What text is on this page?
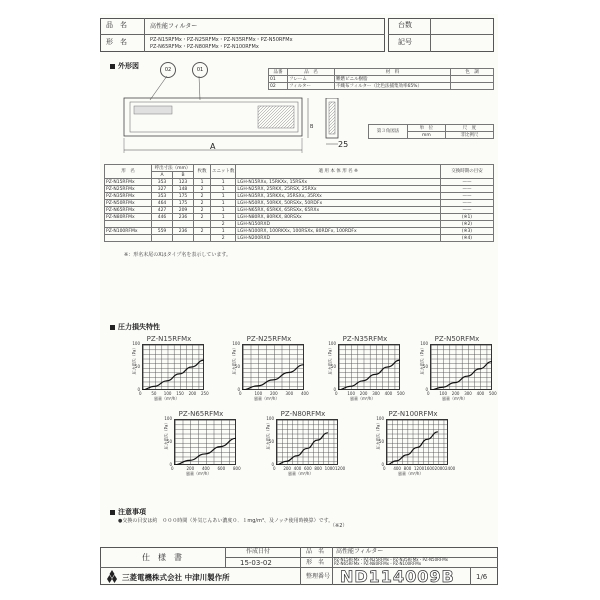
品　名	高性能フィルター
形　名	PZ-N15RFMx・PZ-N25RFMx・PZ-N35RFMx・PZ-N50RFMx
PZ-N65RFMx・PZ-N80RFMx・PZ-N100RFMx
台数
記号
外形図	02	01
A
B
25
品番	品　名	材　料	色　調
01	フレーム	難燃ピニル樹脂	
02	フィルター	不織布フィルター（比色法捕集効率65%）	
第３角図法	単　位	尺　度
	mm	非比例尺
形　名	呼出寸法（mm）		枚数	ユニット数	適 用 本 体 形 名 ※	交換時期の目安
	A	B				
PZ-N15RFMx	353	123	1	1	LGH-N15RXx, 15RKXx, 15RSXx	——
PZ-N25RFMx	327	148	2	1	LGH-N25RX, 25RKX, 25RSX, 25RXx	——
PZ-N35RFMx	353	175	2	1	LGH-N35RX, 35RKXx, 35RSXx, 35RXx	——
PZ-N50RFMx	464	175	2	1	LGH-N50RX, 50RKX, 50RSXx, 50RDFx	——
PZ-N65RFMx	427	209	2	1	LGH-N65RX, 65RKX, 65RSXx, 65RXx	——
PZ-N80RFMx	446	236	2	1	LGH-N80RX, 80RKX, 80RSXx	(※1)
				2	LGH-N150RXD	(※2)
PZ-N100RFMx	559	236	2	1	LGH-N100RX, 100RKXx, 100RSXx, 80RDFx, 100RDFx	(※3)
				2	LGH-N200RXD	(※4)
※：形名末尾のXはタイプ名を表示しています。
圧力損失特性
PZ-N15RFMx
0 50 100 150 200 250
0
50
100
風量（m³/h）
圧力損失（Pa）
PZ-N25RFMx
0	100 200 300 400
0
50
100
風量（m³/h）
圧力損失（Pa）
PZ-N35RFMx
0 100 200 300 400 500
0
50
100
風量（m³/h）
圧力損失（Pa）
PZ-N50RFMx
0 100 200 300 400 500
0
50
100
風量（m³/h）
圧力損失（Pa）
PZ-N65RFMx
0	200 400 600 800
0
50
100
風量（m³/h）
圧力損失（Pa）
PZ-N80RFMx
0 200 400 600 800 1000 1200
0
50
100
風量（m³/h）
圧力損失（Pa）
PZ-N100RFMx
0 400 800 1200 1600 2000 2400
0
50
100
風量（m³/h）
圧力損失（Pa）
注意事項
●交換の目安は約　０００時間（外気じんあい濃度０．１mg/m³、及ノッチ使用時換算）です。
（※2）
仕　様　書
作成日付
15-03-02
品　名 高性能フィルター
形　名 PZ-N15RFMx・PZ-N25RFMx・PZ-N35RFMx・PZ-N50RFMx
PZ-N65RFMx・PZ-N80RFMx・PZ-N100RFMx
三菱電機株式会社 中津川製作所	整理番号 ND114009B	1/6
